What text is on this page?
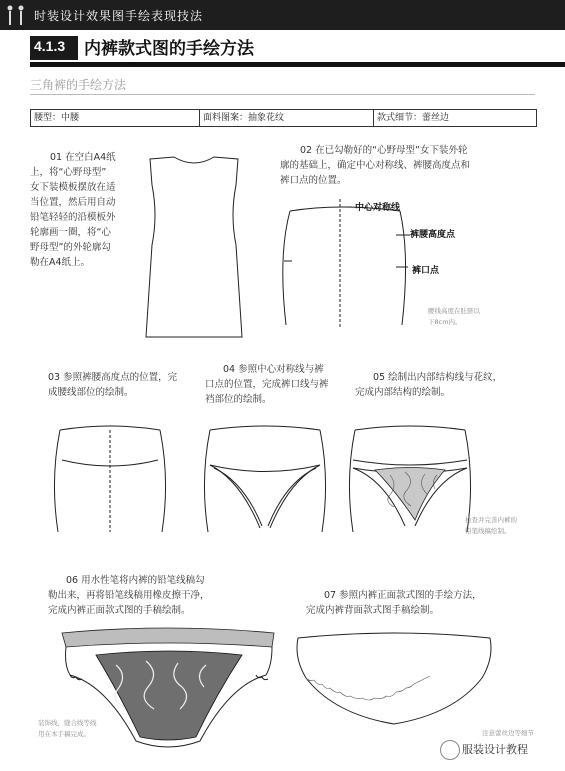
时装设计效果图手绘表现技法
4.1.3 内裤款式图的手绘方法
三角裤的手绘方法
腰型：中腰	面料图案：抽象花纹	款式细节：蕾丝边
01 在空白A4纸
上，将“心野母型”
女下装模板摆放在适
当位置，然后用自动
铅笔轻轻的沿模板外
轮廓画一圈，将“心
野母型”的外轮廓勾
勒在A4纸上。
02 在已勾勒好的“心野母型”女下装外轮
廓的基础上，确定中心对称线、裤腰高度点和
裤口点的位置。
中心对称线
裤腰高度点
裤口点
腰线高度在肚脐以
下8cm内。
03 参照裤腰高度点的位置，完
成腰线部位的绘制。
04 参照中心对称线与裤
口点的位置，完成裤口线与裤
裆部位的绘制。
05 绘制出内部结构线与花纹，
完成内部结构的绘制。
检查并完善内裤的
铅笔线稿绘制。
06 用水性笔将内裤的铅笔线稿勾
勒出来，再将铅笔线稿用橡皮擦干净，
完成内裤正面款式图的手稿绘制。
07 参照内裤正面款式图的手绘方法，
完成内裤背面款式图手稿绘制。
装饰线，缝合线等线
用在本手稿完成。	注意蕾丝边等细节
服装设计教程
